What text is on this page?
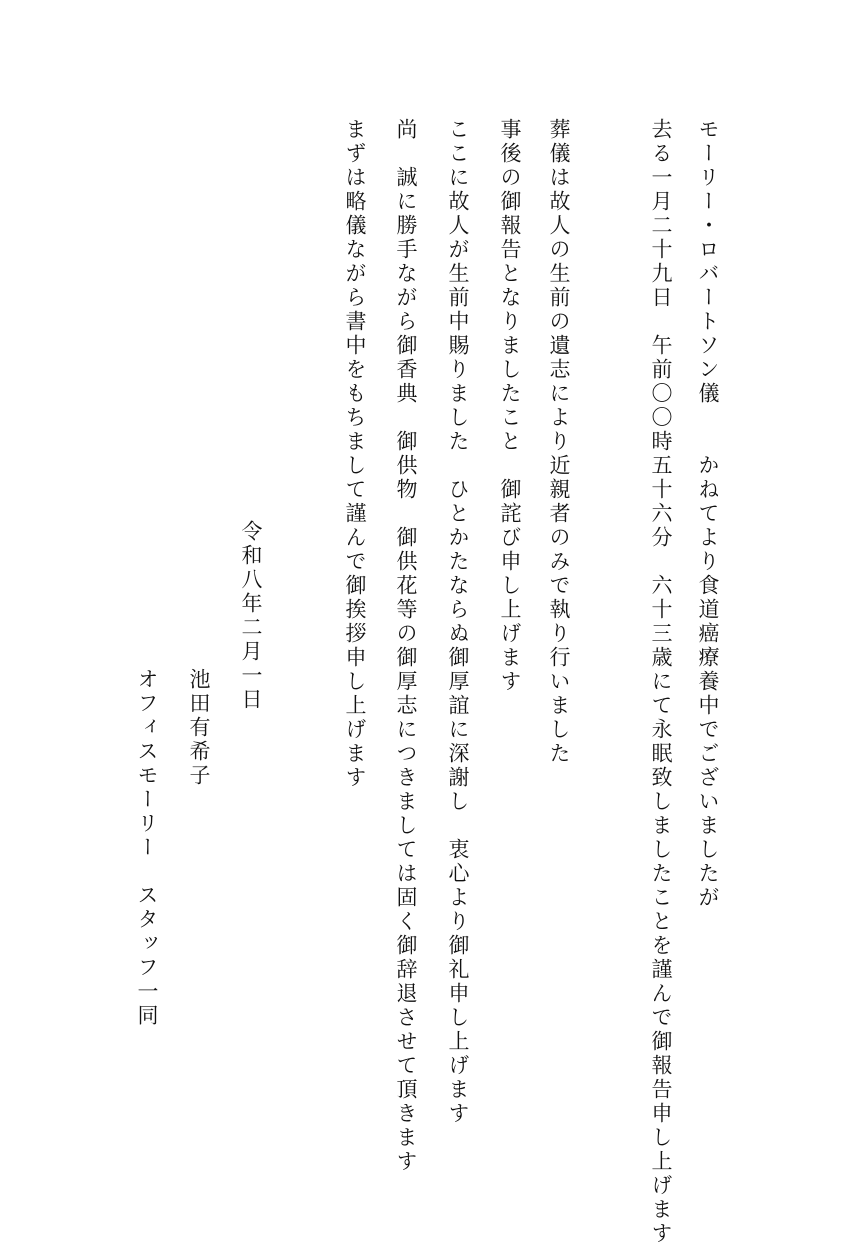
モーリー・ロバートソン儀　　かねてより食道癌療養中でございましたが
去る一月二十九日　午前〇〇時五十六分　六十三歳にて永眠致しましたことを謹んで御報告申し上げます
葬儀は故人の生前の遺志により近親者のみで執り行いました
事後の御報告となりましたこと　御詫び申し上げます
ここに故人が生前中賜りました　ひとかたならぬ御厚誼に深謝し　衷心より御礼申し上げます
尚　誠に勝手ながら御香典　御供物　御供花等の御厚志につきましては固く御辞退させて頂きます
まずは略儀ながら書中をもちまして謹んで御挨拶申し上げます
令和八年二月一日
池田有希子
オフィスモーリー　スタッフ一同
